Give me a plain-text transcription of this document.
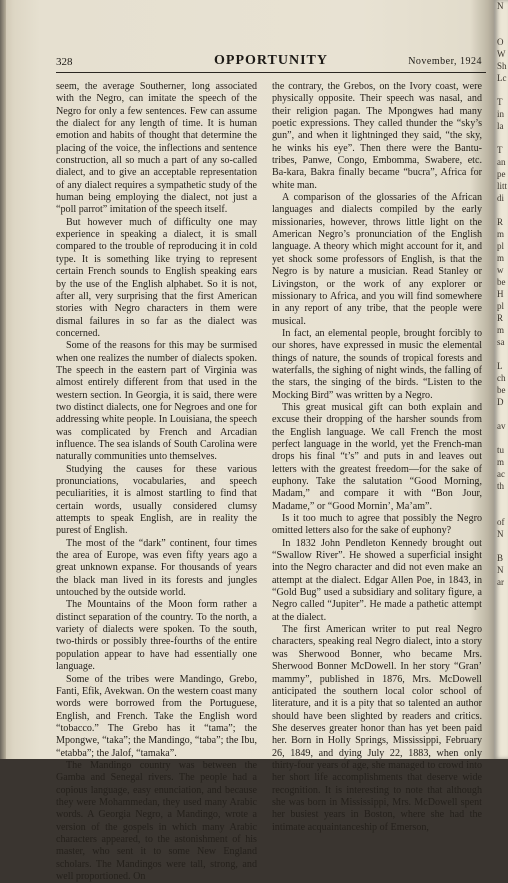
328	OPPORTUNITY	November, 1924

seem, the average Southerner, long associated with the Negro, can imitate the speech of the Negro for only a few sentences. Few can assume the dialect for any length of time. It is human emotion and habits of thought that determine the placing of the voice, the inflections and sentence construction, all so much a part of any so-called dialect, and to give an acceptable representation of any dialect requires a sympathetic study of the human being employing the dialect, not just a “poll parrot” imitation of the speech itself.

But however much of difficulty one may experience in speaking a dialect, it is small compared to the trouble of reproducing it in cold type. It is something like trying to represent certain French sounds to English speaking ears by the use of the English alphabet. So it is not, after all, very surprising that the first American stories with Negro characters in them were dismal failures in so far as the dialect was concerned.

Some of the reasons for this may be surmised when one realizes the number of dialects spoken. The speech in the eastern part of Virginia was almost entirely different from that used in the western section. In Georgia, it is said, there were two distinct dialects, one for Negroes and one for addressing white people. In Louisiana, the speech was complicated by French and Arcadian influence. The sea islands of South Carolina were naturally communities unto themselves.

Studying the causes for these various pronunciations, vocabularies, and speech peculiarities, it is almost startling to find that certain words, usually considered clumsy attempts to speak English, are in reality the purest of English.

The most of the “dark” continent, four times the area of Europe, was even fifty years ago a great unknown expanse. For thousands of years the black man lived in its forests and jungles untouched by the outside world.

The Mountains of the Moon form rather a distinct separation of the country. To the north, a variety of dialects were spoken. To the south, two-thirds or possibly three-fourths of the entire population appear to have had essentially one language.

Some of the tribes were Mandingo, Grebo, Fanti, Efik, Avekwan. On the western coast many words were borrowed from the Portuguese, English, and French. Take the English word “tobacco.” The Grebo has it “tama”; the Mpongwe, “taka”; the Mandingo, “taba”; the Ibu, “etabba”; the Jalof, “tamaka”.

The Mandingo country was between the Gamba and Senegal rivers. The people had a copious language, easy enunciation, and because they were Mohammedan, they used many Arabic words. A Georgia Negro, a Mandingo, wrote a version of the gospels in which many Arabic characters appeared, to the astonishment of his master, who sent it to some New England scholars. The Mandingos were tall, strong, and well proportioned. On

the contrary, the Grebos, on the Ivory coast, were physically opposite. Their speech was nasal, and their religion pagan. The Mpongwes had many poetic expressions. They called thunder the “sky’s gun”, and when it lightninged they said, “the sky, he winks his eye”. Then there were the Bantu-tribes, Panwe, Congo, Embomma, Swabere, etc. Ba-kara, Bakra finally became “bucra”, Africa for white man.

A comparison of the glossaries of the African languages and dialects compiled by the early missionaries, however, throws little light on the American Negro’s pronunciation of the English language. A theory which might account for it, and yet shock some professors of English, is that the Negro is by nature a musician. Read Stanley or Livingston, or the work of any explorer or missionary to Africa, and you will find somewhere in any report of any tribe, that the people were musical.

In fact, an elemental people, brought forcibly to our shores, have expressed in music the elemental things of nature, the sounds of tropical forests and waterfalls, the sighing of night winds, the falling of the stars, the singing of the birds. “Listen to the Mocking Bird” was written by a Negro.

This great musical gift can both explain and excuse their dropping of the harsher sounds from the English language. We call French the most perfect language in the world, yet the French-man drops his final “t’s” and puts in and leaves out letters with the greatest freedom—for the sake of euphony. Take the salutation “Good Morning, Madam,” and compare it with “Bon Jour, Madame,” or “Good Mornin’, Ma’am”.

Is it too much to agree that possibly the Negro omitted letters also for the sake of euphony?

In 1832 John Pendleton Kennedy brought out “Swallow River”. He showed a superficial insight into the Negro character and did not even make an attempt at the dialect. Edgar Allen Poe, in 1843, in “Gold Bug” used a subsidiary and solitary figure, a Negro called “Jupiter”. He made a pathetic attempt at the dialect.

The first American writer to put real Negro characters, speaking real Negro dialect, into a story was Sherwood Bonner, who became Mrs. Sherwood Bonner McDowell. In her story “Gran’ mammy”, published in 1876, Mrs. McDowell anticipated the southern local color school of literature, and it is a pity that so talented an author should have been slighted by readers and critics. She deserves greater honor than has yet been paid her. Born in Holly Springs, Mississippi, February 26, 1849, and dying July 22, 1883, when only thirty-four years of age, she managed to crowd into her short life accomplishments that deserve wide recognition. It is interesting to note that although she was born in Mississippi, Mrs. McDowell spent her busiest years in Boston, where she had the intimate acquaintanceship of Emerson,

N

O
W
Sh
Lc

T
in
la

T
an
pe
litt
di

R
m
pl
m
w
be
H
pl
R
m
sa

L
ch
be
D

av

tu
m
ac
th

of
N

B
N
ar
